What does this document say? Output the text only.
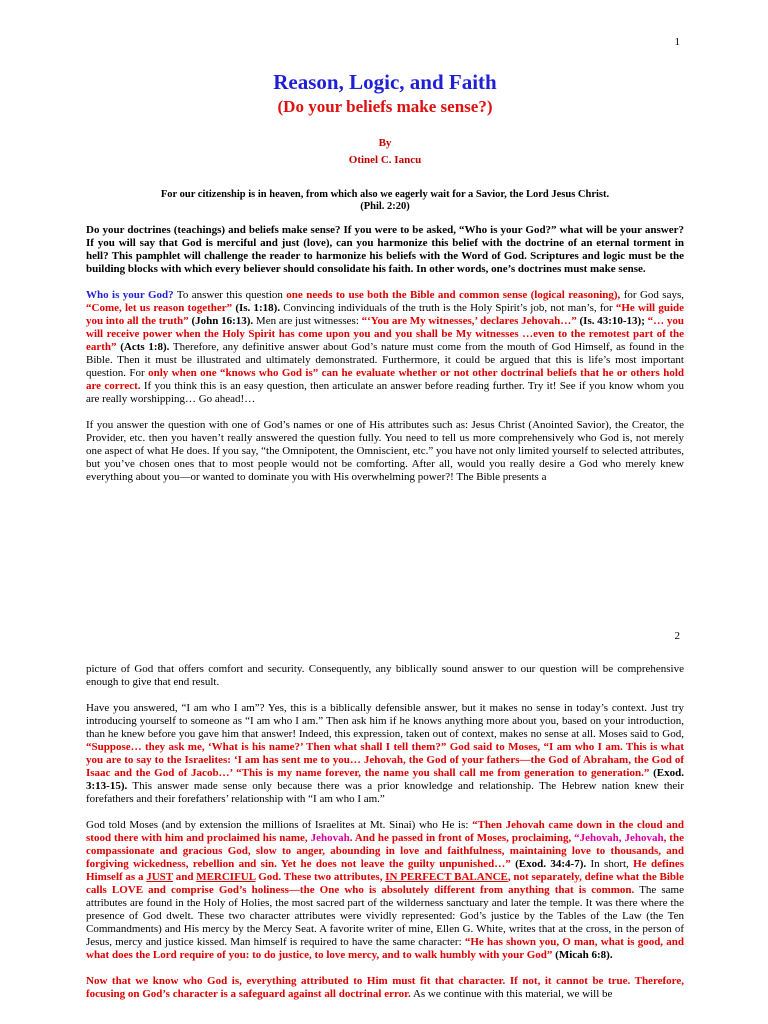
1
Reason, Logic, and Faith
(Do your beliefs make sense?)
By
Otinel C. Iancu
For our citizenship is in heaven, from which also we eagerly wait for a Savior, the Lord Jesus Christ.
(Phil. 2:20)

Do your doctrines (teachings) and beliefs make sense? If you were to be asked, “Who is your God?” what will be your answer? If you will say that God is merciful and just (love), can you harmonize this belief with the doctrine of an eternal torment in hell? This pamphlet will challenge the reader to harmonize his beliefs with the Word of God. Scriptures and logic must be the building blocks with which every believer should consolidate his faith. In other words, one’s doctrines must make sense.

Who is your God? To answer this question one needs to use both the Bible and common sense (logical reasoning), for God says, “Come, let us reason together” (Is. 1:18). Convincing individuals of the truth is the Holy Spirit’s job, not man’s, for “He will guide you into all the truth” (John 16:13). Men are just witnesses: “‘You are My witnesses,’ declares Jehovah…” (Is. 43:10-13); “… you will receive power when the Holy Spirit has come upon you and you shall be My witnesses …even to the remotest part of the earth” (Acts 1:8). Therefore, any definitive answer about God’s nature must come from the mouth of God Himself, as found in the Bible. Then it must be illustrated and ultimately demonstrated. Furthermore, it could be argued that this is life’s most important question. For only when one “knows who God is” can he evaluate whether or not other doctrinal beliefs that he or others hold are correct. If you think this is an easy question, then articulate an answer before reading further. Try it! See if you know whom you are really worshipping… Go ahead!…

If you answer the question with one of God’s names or one of His attributes such as: Jesus Christ (Anointed Savior), the Creator, the Provider, etc. then you haven’t really answered the question fully. You need to tell us more comprehensively who God is, not merely one aspect of what He does. If you say, “the Omnipotent, the Omniscient, etc.” you have not only limited yourself to selected attributes, but you’ve chosen ones that to most people would not be comforting. After all, would you really desire a God who merely knew everything about you—or wanted to dominate you with His overwhelming power?! The Bible presents a

2

picture of God that offers comfort and security. Consequently, any biblically sound answer to our question will be comprehensive enough to give that end result.

Have you answered, “I am who I am”? Yes, this is a biblically defensible answer, but it makes no sense in today’s context. Just try introducing yourself to someone as “I am who I am.” Then ask him if he knows anything more about you, based on your introduction, than he knew before you gave him that answer! Indeed, this expression, taken out of context, makes no sense at all. Moses said to God, “Suppose… they ask me, ‘What is his name?’ Then what shall I tell them?” God said to Moses, “I am who I am. This is what you are to say to the Israelites: ‘I am has sent me to you… Jehovah, the God of your fathers—the God of Abraham, the God of Isaac and the God of Jacob…’ “This is my name forever, the name you shall call me from generation to generation.” (Exod. 3:13-15). This answer made sense only because there was a prior knowledge and relationship. The Hebrew nation knew their forefathers and their forefathers’ relationship with “I am who I am.”

God told Moses (and by extension the millions of Israelites at Mt. Sinai) who He is: “Then Jehovah came down in the cloud and stood there with him and proclaimed his name, Jehovah. And he passed in front of Moses, proclaiming, “Jehovah, Jehovah, the compassionate and gracious God, slow to anger, abounding in love and faithfulness, maintaining love to thousands, and forgiving wickedness, rebellion and sin. Yet he does not leave the guilty unpunished…” (Exod. 34:4-7). In short, He defines Himself as a JUST and MERCIFUL God. These two attributes, IN PERFECT BALANCE, not separately, define what the Bible calls LOVE and comprise God’s holiness—the One who is absolutely different from anything that is common. The same attributes are found in the Holy of Holies, the most sacred part of the wilderness sanctuary and later the temple. It was there where the presence of God dwelt. These two character attributes were vividly represented: God’s justice by the Tables of the Law (the Ten Commandments) and His mercy by the Mercy Seat. A favorite writer of mine, Ellen G. White, writes that at the cross, in the person of Jesus, mercy and justice kissed. Man himself is required to have the same character: “He has shown you, O man, what is good, and what does the Lord require of you: to do justice, to love mercy, and to walk humbly with your God” (Micah 6:8).

Now that we know who God is, everything attributed to Him must fit that character. If not, it cannot be true. Therefore, focusing on God’s character is a safeguard against all doctrinal error. As we continue with this material, we will be
